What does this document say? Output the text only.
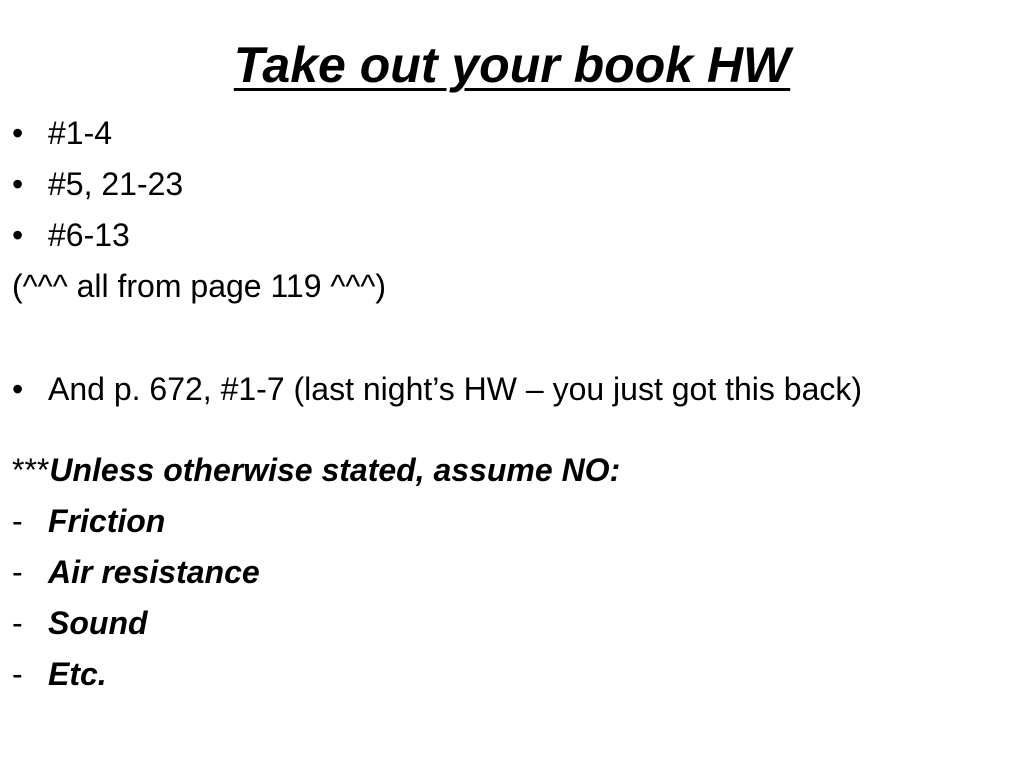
Take out your book HW
• #1-4
• #5, 21-23
• #6-13
(^^^ all from page 119 ^^^)
• And p. 672, #1-7 (last night’s HW – you just got this back)
***Unless otherwise stated, assume NO:
- Friction
- Air resistance
- Sound
- Etc.
